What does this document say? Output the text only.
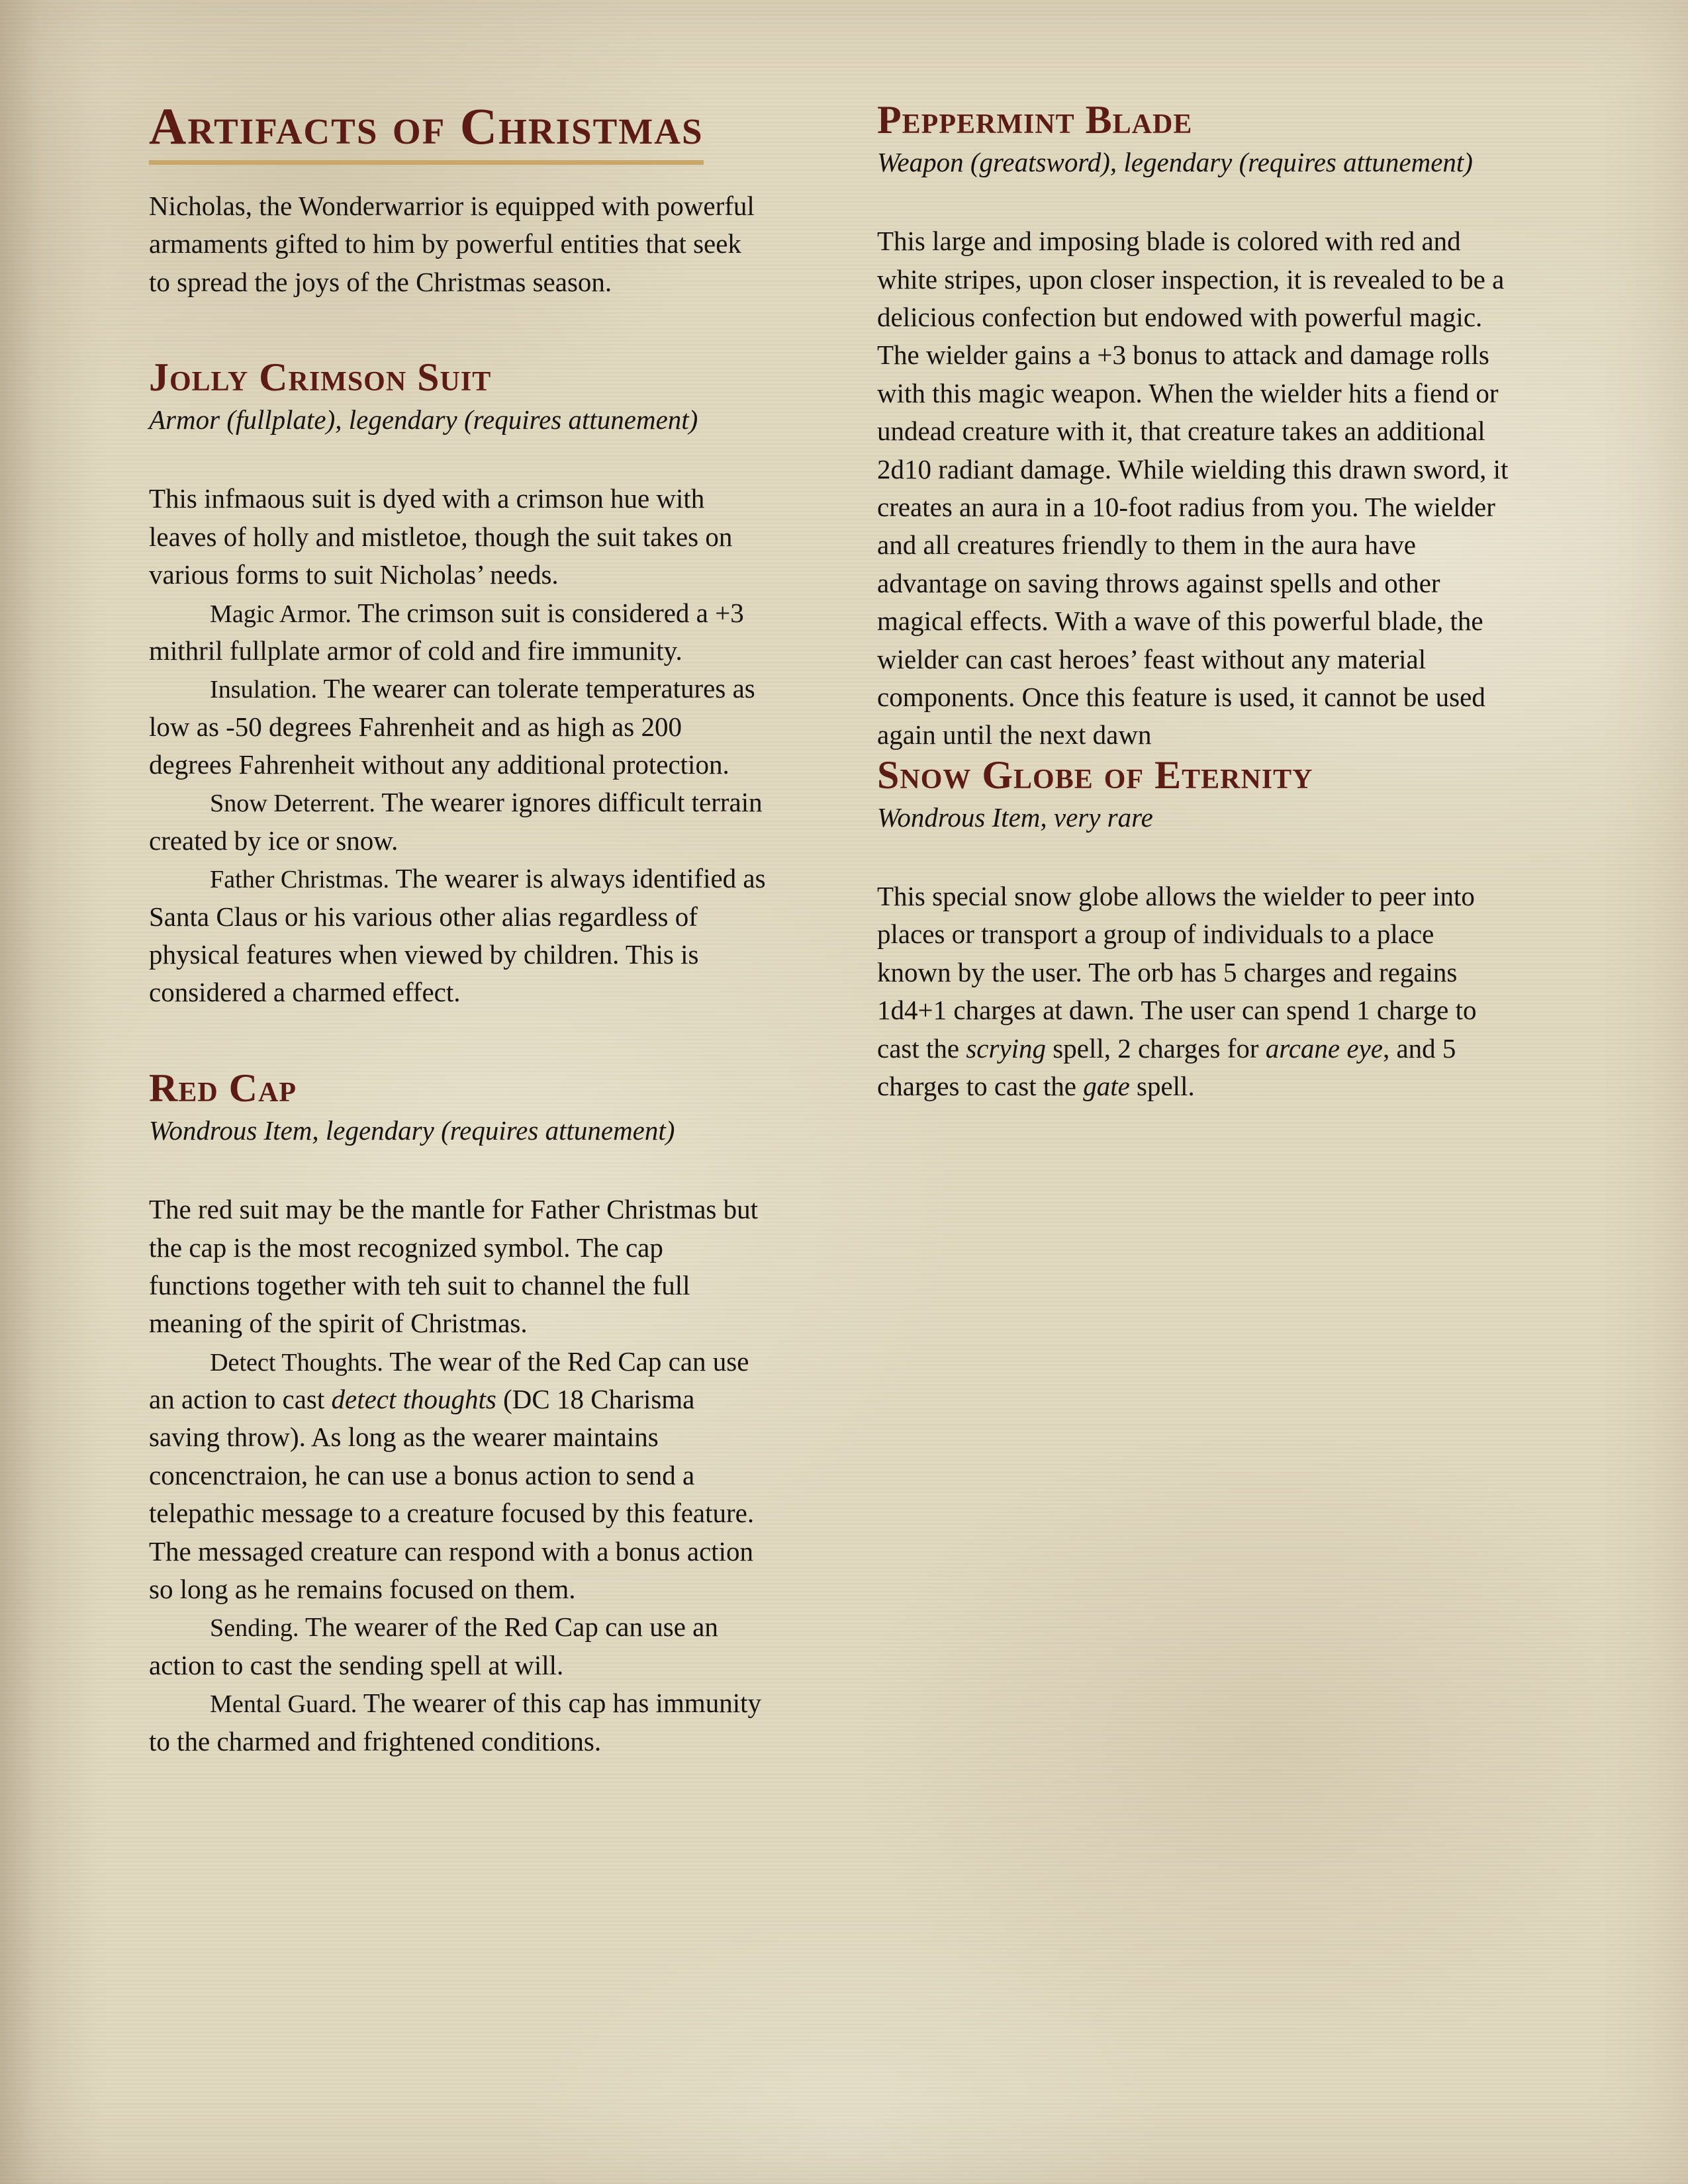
Artifacts of Christmas

Nicholas, the Wonderwarrior is equipped with powerful armaments gifted to him by powerful entities that seek to spread the joys of the Christmas season.

Jolly Crimson Suit

Armor (fullplate), legendary (requires attunement)

This infmaous suit is dyed with a crimson hue with leaves of holly and mistletoe, though the suit takes on various forms to suit Nicholas’ needs.

Magic Armor. The crimson suit is considered a +3 mithril fullplate armor of cold and fire immunity.

Insulation. The wearer can tolerate temperatures as low as -50 degrees Fahrenheit and as high as 200 degrees Fahrenheit without any additional protection.

Snow Deterrent. The wearer ignores difficult terrain created by ice or snow.

Father Christmas. The wearer is always identified as Santa Claus or his various other alias regardless of physical features when viewed by children. This is considered a charmed effect.

Red Cap

Wondrous Item, legendary (requires attunement)

The red suit may be the mantle for Father Christmas but the cap is the most recognized symbol. The cap functions together with teh suit to channel the full meaning of the spirit of Christmas.

Detect Thoughts. The wear of the Red Cap can use an action to cast detect thoughts (DC 18 Charisma saving throw). As long as the wearer maintains concenctraion, he can use a bonus action to send a telepathic message to a creature focused by this feature. The messaged creature can respond with a bonus action so long as he remains focused on them.

Sending. The wearer of the Red Cap can use an action to cast the sending spell at will.

Mental Guard. The wearer of this cap has immunity to the charmed and frightened conditions.

Peppermint Blade

Weapon (greatsword), legendary (requires attunement)

This large and imposing blade is colored with red and white stripes, upon closer inspection, it is revealed to be a delicious confection but endowed with powerful magic.

The wielder gains a +3 bonus to attack and damage rolls with this magic weapon. When the wielder hits a fiend or undead creature with it, that creature takes an additional 2d10 radiant damage. While wielding this drawn sword, it creates an aura in a 10-foot radius from you. The wielder and all creatures friendly to them in the aura have advantage on saving throws against spells and other magical effects. With a wave of this powerful blade, the wielder can cast heroes’ feast without any material components. Once this feature is used, it cannot be used again until the next dawn

Snow Globe of Eternity

Wondrous Item, very rare

This special snow globe allows the wielder to peer into places or transport a group of individuals to a place known by the user. The orb has 5 charges and regains 1d4+1 charges at dawn. The user can spend 1 charge to cast the scrying spell, 2 charges for arcane eye, and 5 charges to cast the gate spell.
